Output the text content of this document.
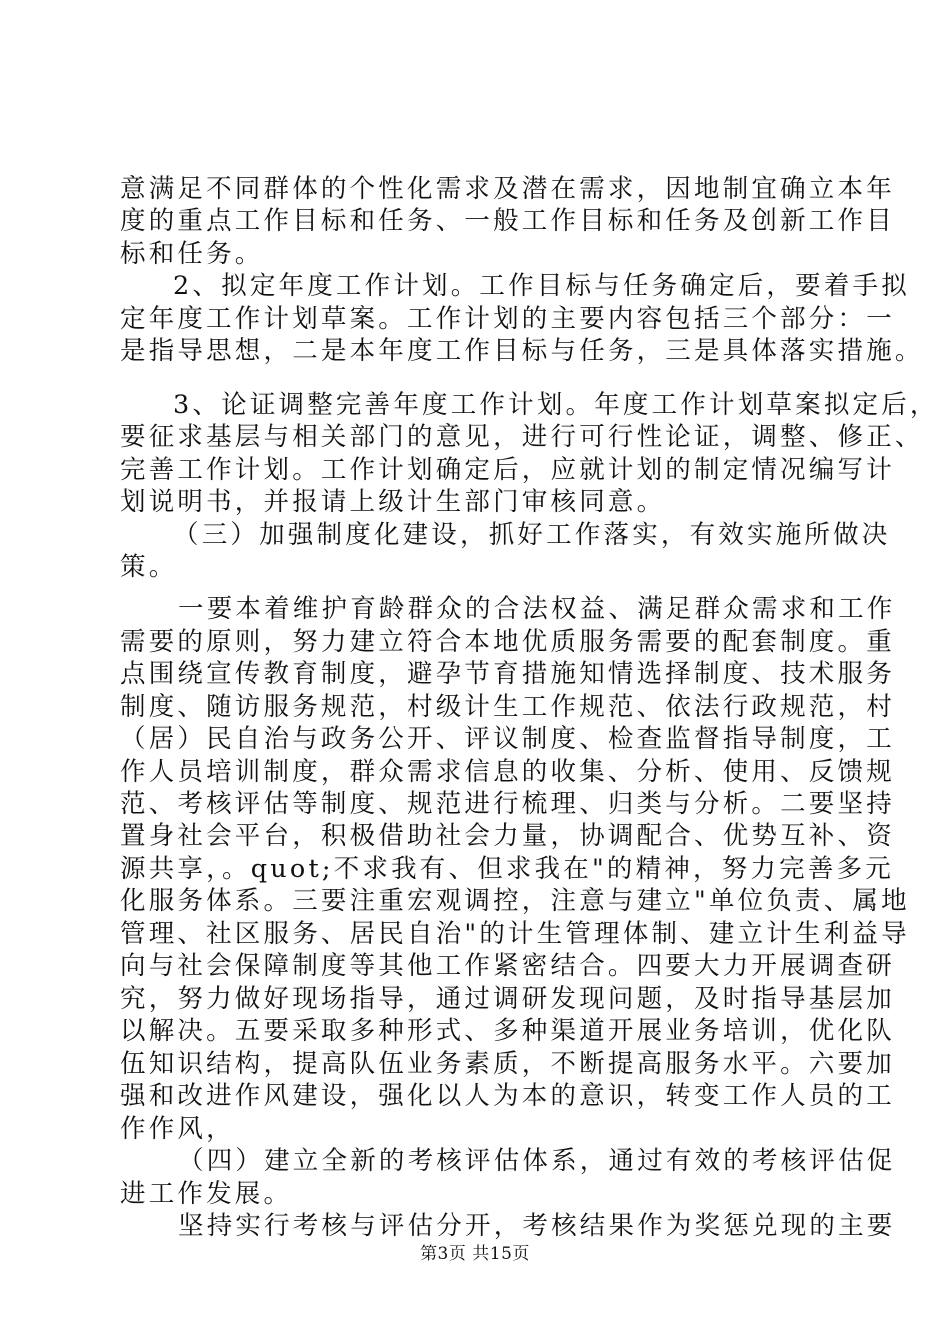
意满足不同群体的个性化需求及潜在需求，因地制宜确立本年
度的重点工作目标和任务、一般工作目标和任务及创新工作目
标和任务。
2、拟定年度工作计划。工作目标与任务确定后，要着手拟
定年度工作计划草案。工作计划的主要内容包括三个部分：一
是指导思想，二是本年度工作目标与任务，三是具体落实措施。
3、论证调整完善年度工作计划。年度工作计划草案拟定后，
要征求基层与相关部门的意见，进行可行性论证，调整、修正、
完善工作计划。工作计划确定后，应就计划的制定情况编写计
划说明书，并报请上级计生部门审核同意。
（三）加强制度化建设，抓好工作落实，有效实施所做决
策。
一要本着维护育龄群众的合法权益、满足群众需求和工作
需要的原则，努力建立符合本地优质服务需要的配套制度。重
点围绕宣传教育制度，避孕节育措施知情选择制度、技术服务
制度、随访服务规范，村级计生工作规范、依法行政规范，村
（居）民自治与政务公开、评议制度、检查监督指导制度，工
作人员培训制度，群众需求信息的收集、分析、使用、反馈规
范、考核评估等制度、规范进行梳理、归类与分析。二要坚持
置身社会平台，积极借助社会力量，协调配合、优势互补、资
源共享，。quot;不求我有、但求我在"的精神，努力完善多元
化服务体系。三要注重宏观调控，注意与建立"单位负责、属地
管理、社区服务、居民自治"的计生管理体制、建立计生利益导
向与社会保障制度等其他工作紧密结合。四要大力开展调查研
究，努力做好现场指导，通过调研发现问题，及时指导基层加
以解决。五要采取多种形式、多种渠道开展业务培训，优化队
伍知识结构，提高队伍业务素质，不断提高服务水平。六要加
强和改进作风建设，强化以人为本的意识，转变工作人员的工
作作风，
（四）建立全新的考核评估体系，通过有效的考核评估促
进工作发展。
坚持实行考核与评估分开，考核结果作为奖惩兑现的主要
第3页 共15页
